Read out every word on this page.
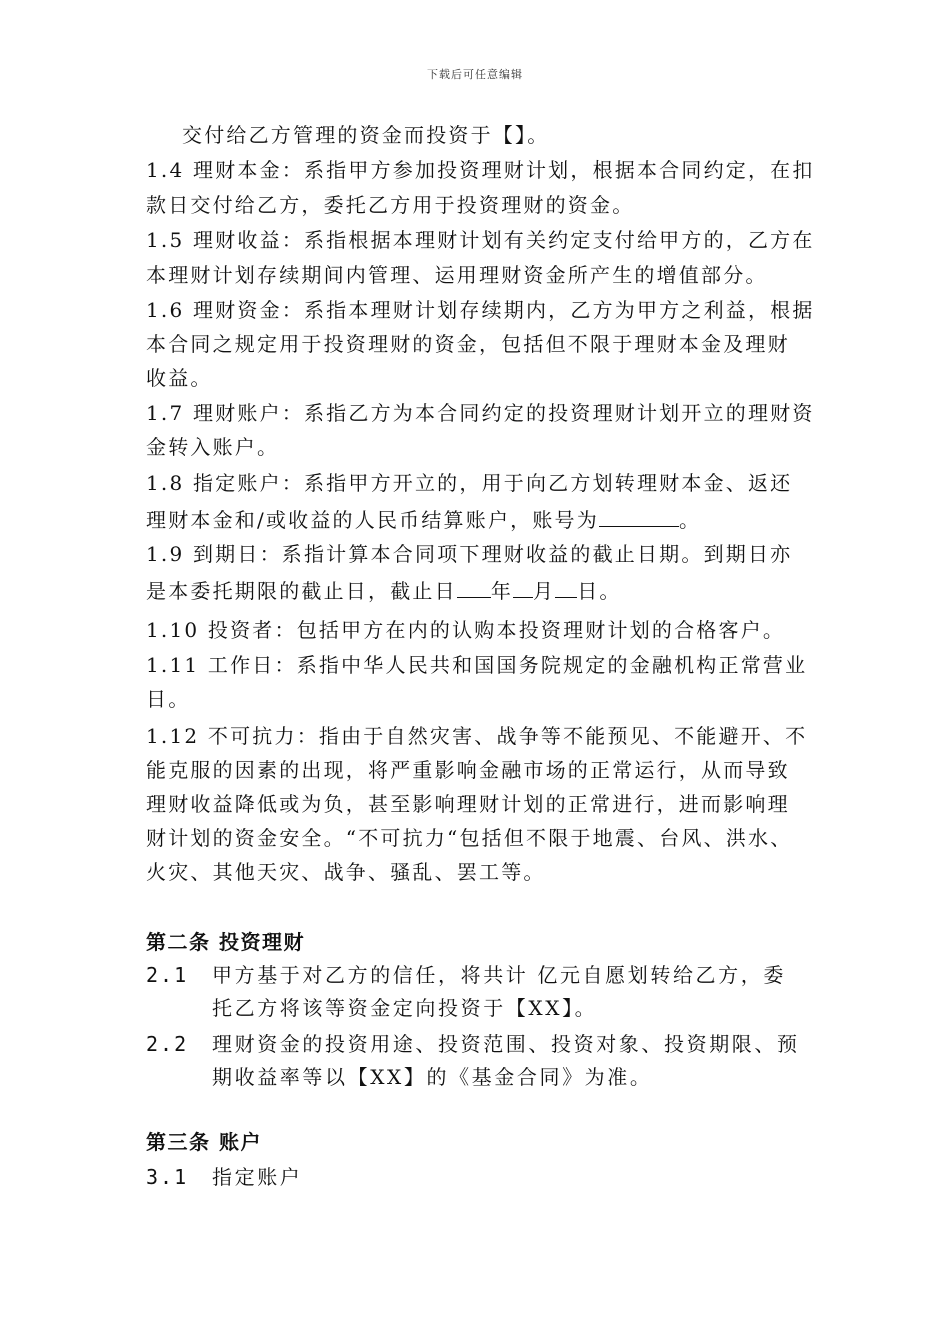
下载后可任意编辑
交付给乙方管理的资金而投资于【】。
1.4 理财本金：系指甲方参加投资理财计划，根据本合同约定，在扣
款日交付给乙方，委托乙方用于投资理财的资金。
1.5 理财收益：系指根据本理财计划有关约定支付给甲方的，乙方在
本理财计划存续期间内管理、运用理财资金所产生的增值部分。
1.6 理财资金：系指本理财计划存续期内，乙方为甲方之利益，根据
本合同之规定用于投资理财的资金，包括但不限于理财本金及理财
收益。
1.7 理财账户：系指乙方为本合同约定的投资理财计划开立的理财资
金转入账户。
1.8 指定账户：系指甲方开立的，用于向乙方划转理财本金、返还
理财本金和/或收益的人民币结算账户，账号为	。
1.9 到期日：系指计算本合同项下理财收益的截止日期。到期日亦
是本委托期限的截止日，截止日 年 月 日。
1.10 投资者：包括甲方在内的认购本投资理财计划的合格客户。
1.11 工作日：系指中华人民共和国国务院规定的金融机构正常营业
日。
1.12 不可抗力：指由于自然灾害、战争等不能预见、不能避开、不
能克服的因素的出现，将严重影响金融市场的正常运行，从而导致
理财收益降低或为负，甚至影响理财计划的正常进行，进而影响理
财计划的资金安全。“不可抗力“包括但不限于地震、台风、洪水、
火灾、其他天灾、战争、骚乱、罢工等。
第二条 投资理财
2.1 甲方基于对乙方的信任，将共计 亿元自愿划转给乙方，委
托乙方将该等资金定向投资于【XX】。
2.2 理财资金的投资用途、投资范围、投资对象、投资期限、预
期收益率等以【XX】的《基金合同》为准。
第三条 账户
3.1 指定账户
